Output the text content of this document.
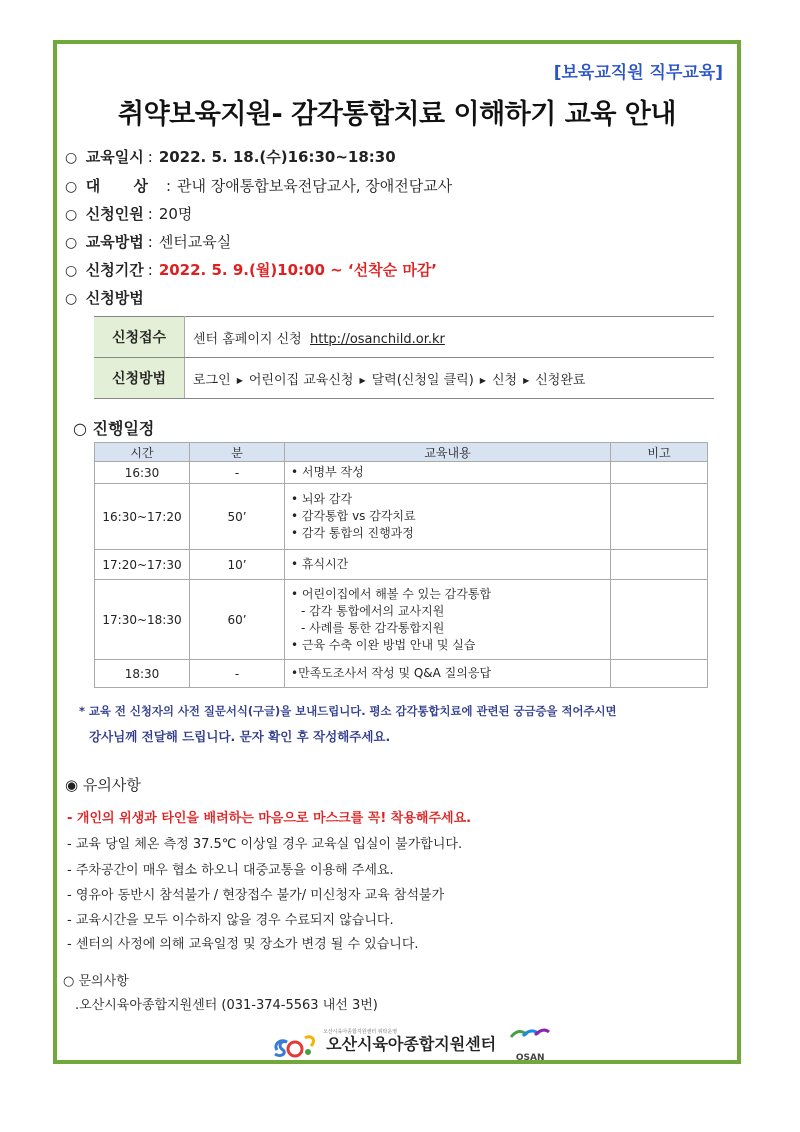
[보육교직원 직무교육]
취약보육지원- 감각통합치료 이해하기 교육 안내
○ 교육일시 : 2022. 5. 18.(수)16:30~18:30
○ 대 상 : 관내 장애통합보육전담교사, 장애전담교사
○ 신청인원 : 20명
○ 교육방법 : 센터교육실
○ 신청기간 : 2022. 5. 9.(월)10:00 ~ ‘선착순 마감’
○ 신청방법
신청접수	센터 홈페이지 신청 http://osanchild.or.kr
신청방법	로그인 ▶ 어린이집 교육신청 ▶ 달력(신청일 클릭) ▶ 신청 ▶ 신청완료
○ 진행일정
시간	분	교육내용	비고
16:30	-	• 서명부 작성	

16:30~17:20	50’	• 뇌와 감각
• 감각통합 vs 감각치료
• 감각 통합의 진행과정	

17:20~17:30	10’	• 휴식시간	

17:30~18:30	60’	• 어린이집에서 해볼 수 있는 감각통합
- 감각 통합에서의 교사지원
- 사례를 통한 감각통합지원
• 근육 수축 이완 방법 안내 및 실습	

18:30	-	•만족도조사서 작성 및 Q&A 질의응답	

* 교육 전 신청자의 사전 질문서식(구글)을 보내드립니다. 평소 감각통합치료에 관련된 궁금증을 적어주시면
강사님께 전달해 드립니다. 문자 확인 후 작성해주세요.
◉ 유의사항
- 개인의 위생과 타인을 배려하는 마음으로 마스크를 꼭! 착용해주세요.
- 교육 당일 체온 측정 37.5℃ 이상일 경우 교육실 입실이 불가합니다.
- 주차공간이 매우 협소 하오니 대중교통을 이용해 주세요.
- 영유아 동반시 참석불가 / 현장접수 불가/ 미신청자 교육 참석불가
- 교육시간을 모두 이수하지 않을 경우 수료되지 않습니다.
- 센터의 사정에 의해 교육일정 및 장소가 변경 될 수 있습니다.
○ 문의사항
.오산시육아종합지원센터 (031-374-5563 내선 3번)

오산시육아종합지원센터 위탁운영
오산시육아종합지원센터
OSAN
